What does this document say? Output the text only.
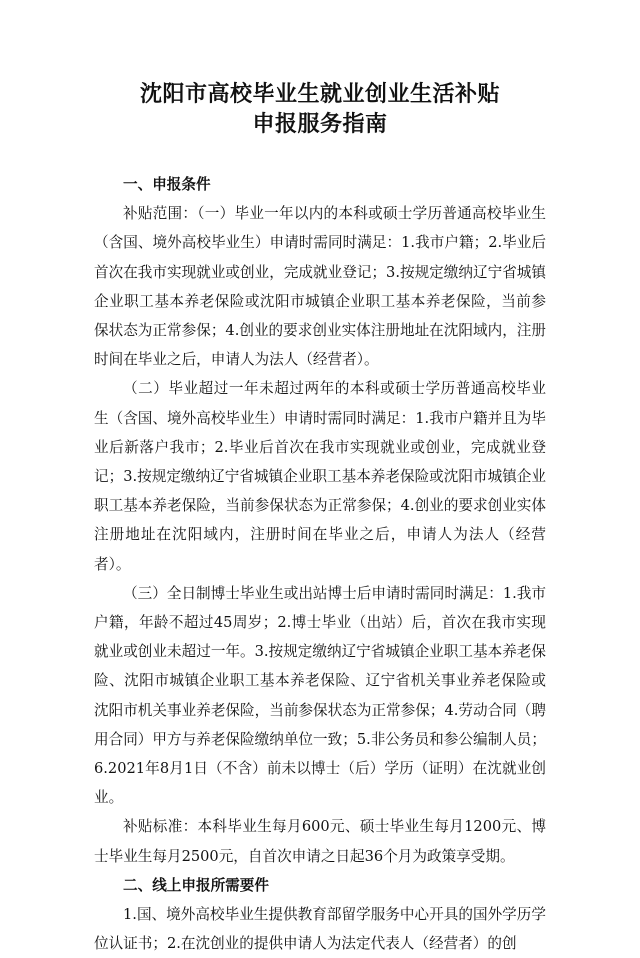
沈阳市高校毕业生就业创业生活补贴
申报服务指南
一、申报条件

补贴范围：（一）毕业一年以内的本科或硕士学历普通高校毕业生（含国、境外高校毕业生）申请时需同时满足：1.我市户籍；2.毕业后首次在我市实现就业或创业，完成就业登记；3.按规定缴纳辽宁省城镇企业职工基本养老保险或沈阳市城镇企业职工基本养老保险，当前参保状态为正常参保；4.创业的要求创业实体注册地址在沈阳域内，注册时间在毕业之后，申请人为法人（经营者）。

（二）毕业超过一年未超过两年的本科或硕士学历普通高校毕业生（含国、境外高校毕业生）申请时需同时满足：1.我市户籍并且为毕业后新落户我市；2.毕业后首次在我市实现就业或创业，完成就业登记；3.按规定缴纳辽宁省城镇企业职工基本养老保险或沈阳市城镇企业职工基本养老保险，当前参保状态为正常参保；4.创业的要求创业实体注册地址在沈阳域内，注册时间在毕业之后，申请人为法人（经营者）。

（三）全日制博士毕业生或出站博士后申请时需同时满足：1.我市户籍，年龄不超过45周岁；2.博士毕业（出站）后，首次在我市实现就业或创业未超过一年。3.按规定缴纳辽宁省城镇企业职工基本养老保险、沈阳市城镇企业职工基本养老保险、辽宁省机关事业养老保险或沈阳市机关事业养老保险，当前参保状态为正常参保；4.劳动合同（聘用合同）甲方与养老保险缴纳单位一致；5.非公务员和参公编制人员；6.2021年8月1日（不含）前未以博士（后）学历（证明）在沈就业创业。

补贴标准：本科毕业生每月600元、硕士毕业生每月1200元、博士毕业生每月2500元，自首次申请之日起36个月为政策享受期。

二、线上申报所需要件

1.国、境外高校毕业生提供教育部留学服务中心开具的国外学历学位认证书；2.在沈创业的提供申请人为法定代表人（经营者）的创
